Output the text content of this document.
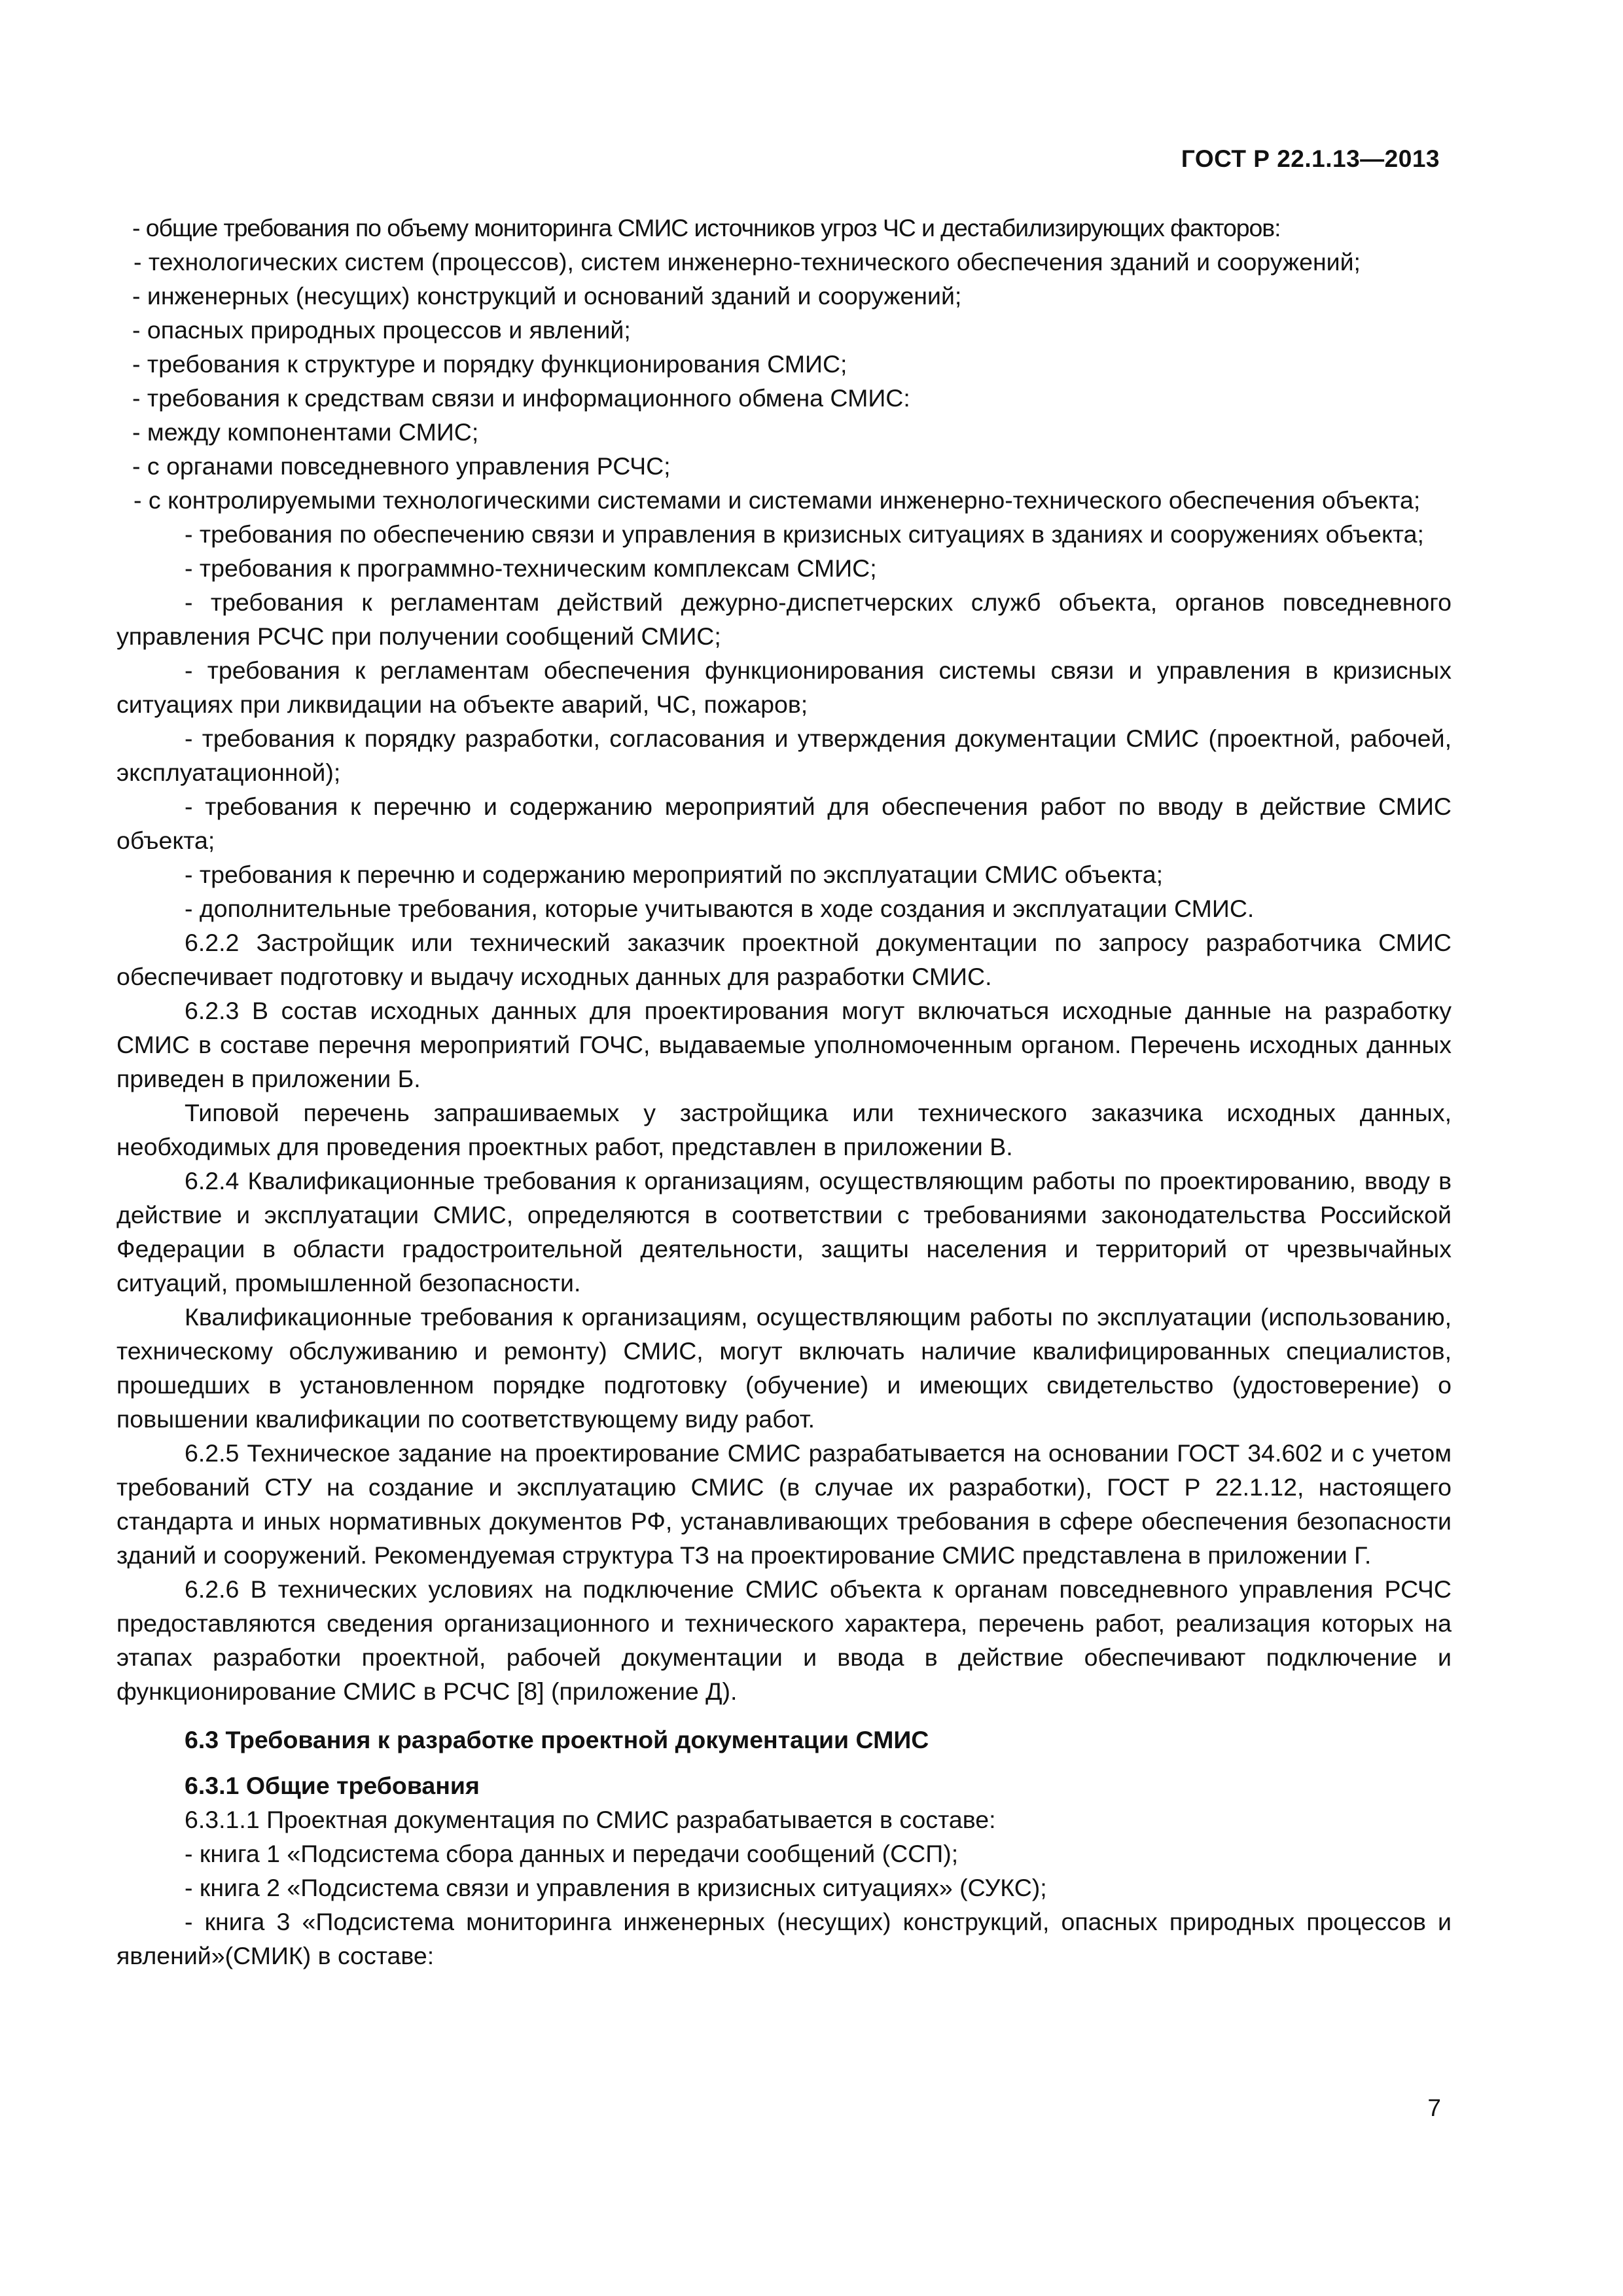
ГОСТ Р 22.1.13—2013

- общие требования по объему мониторинга СМИС источников угроз ЧС и дестабилизирующих факторов:

- технологических систем (процессов), систем инженерно-технического обеспечения зданий и сооружений;

- инженерных (несущих) конструкций и оснований зданий и сооружений;

- опасных природных процессов и явлений;

- требования к структуре и порядку функционирования СМИС;

- требования к средствам связи и информационного обмена СМИС:

- между компонентами СМИС;

- с органами повседневного управления РСЧС;

- с контролируемыми технологическими системами и системами инженерно-технического обеспечения объекта;

- требования по обеспечению связи и управления в кризисных ситуациях в зданиях и сооружениях объекта;

- требования к программно-техническим комплексам СМИС;

- требования к регламентам действий дежурно-диспетчерских служб объекта, органов повседневного управления РСЧС при получении сообщений СМИС;

- требования к регламентам обеспечения функционирования системы связи и управления в кризисных ситуациях при ликвидации на объекте аварий, ЧС, пожаров;

- требования к порядку разработки, согласования и утверждения документации СМИС (проектной, рабочей, эксплуатационной);

- требования к перечню и содержанию мероприятий для обеспечения работ по вводу в действие СМИС объекта;

- требования к перечню и содержанию мероприятий по эксплуатации СМИС объекта;

- дополнительные требования, которые учитываются в ходе создания и эксплуатации СМИС.

6.2.2 Застройщик или технический заказчик проектной документации по запросу разработчика СМИС обеспечивает подготовку и выдачу исходных данных для разработки СМИС.

6.2.3 В состав исходных данных для проектирования могут включаться исходные данные на разработку СМИС в составе перечня мероприятий ГОЧС, выдаваемые уполномоченным органом. Перечень исходных данных приведен в приложении Б.

Типовой перечень запрашиваемых у застройщика или технического заказчика исходных данных, необходимых для проведения проектных работ, представлен в приложении В.

6.2.4 Квалификационные требования к организациям, осуществляющим работы по проектированию, вводу в действие и эксплуатации СМИС, определяются в соответствии с требованиями законодательства Российской Федерации в области градостроительной деятельности, защиты населения и территорий от чрезвычайных ситуаций, промышленной безопасности.

Квалификационные требования к организациям, осуществляющим работы по эксплуатации (использованию, техническому обслуживанию и ремонту) СМИС, могут включать наличие квалифицированных специалистов, прошедших в установленном порядке подготовку (обучение) и имеющих свидетельство (удостоверение) о повышении квалификации по соответствующему виду работ.

6.2.5 Техническое задание на проектирование СМИС разрабатывается на основании ГОСТ 34.602 и с учетом требований СТУ на создание и эксплуатацию СМИС (в случае их разработки), ГОСТ Р 22.1.12, настоящего стандарта и иных нормативных документов РФ, устанавливающих требования в сфере обеспечения безопасности зданий и сооружений. Рекомендуемая структура ТЗ на проектирование СМИС представлена в приложении Г.

6.2.6 В технических условиях на подключение СМИС объекта к органам повседневного управления РСЧС предоставляются сведения организационного и технического характера, перечень работ, реализация которых на этапах разработки проектной, рабочей документации и ввода в действие обеспечивают подключение и функционирование СМИС в РСЧС [8] (приложение Д).

6.3 Требования к разработке проектной документации СМИС

6.3.1 Общие требования

6.3.1.1 Проектная документация по СМИС разрабатывается в составе:

- книга 1 «Подсистема сбора данных и передачи сообщений (ССП);

- книга 2 «Подсистема связи и управления в кризисных ситуациях» (СУКС);

- книга 3 «Подсистема мониторинга инженерных (несущих) конструкций, опасных природных процессов и явлений»(СМИК) в составе:

7
